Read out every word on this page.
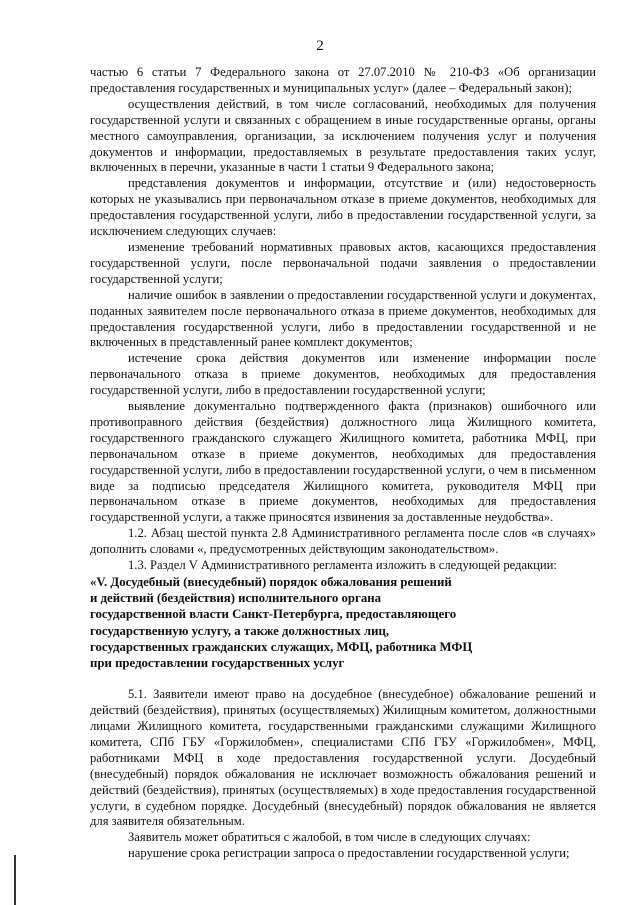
2

частью 6 статьи 7 Федерального закона от 27.07.2010 № 210-ФЗ «Об организации предоставления государственных и муниципальных услуг» (далее – Федеральный закон);

осуществления действий, в том числе согласований, необходимых для получения государственной услуги и связанных с обращением в иные государственные органы, органы местного самоуправления, организации, за исключением получения услуг и получения документов и информации, предоставляемых в результате предоставления таких услуг, включенных в перечни, указанные в части 1 статьи 9 Федерального закона;

представления документов и информации, отсутствие и (или) недостоверность которых не указывались при первоначальном отказе в приеме документов, необходимых для предоставления государственной услуги, либо в предоставлении государственной услуги, за исключением следующих случаев:

изменение требований нормативных правовых актов, касающихся предоставления государственной услуги, после первоначальной подачи заявления о предоставлении государственной услуги;

наличие ошибок в заявлении о предоставлении государственной услуги и документах, поданных заявителем после первоначального отказа в приеме документов, необходимых для предоставления государственной услуги, либо в предоставлении государственной и не включенных в представленный ранее комплект документов;

истечение срока действия документов или изменение информации после первоначального отказа в приеме документов, необходимых для предоставления государственной услуги, либо в предоставлении государственной услуги;

выявление документально подтвержденного факта (признаков) ошибочного или противоправного действия (бездействия) должностного лица Жилищного комитета, государственного гражданского служащего Жилищного комитета, работника МФЦ, при первоначальном отказе в приеме документов, необходимых для предоставления государственной услуги, либо в предоставлении государственной услуги, о чем в письменном виде за подписью председателя Жилищного комитета, руководителя МФЦ при первоначальном отказе в приеме документов, необходимых для предоставления государственной услуги, а также приносятся извинения за доставленные неудобства».

1.2. Абзац шестой пункта 2.8 Административного регламента после слов «в случаях» дополнить словами «, предусмотренных действующим законодательством».

1.3. Раздел V Административного регламента изложить в следующей редакции:

«V. Досудебный (внесудебный) порядок обжалования решений

и действий (бездействия) исполнительного органа

государственной власти Санкт-Петербурга, предоставляющего

государственную услугу, а также должностных лиц,

государственных гражданских служащих, МФЦ, работника МФЦ

при предоставлении государственных услуг

5.1. Заявители имеют право на досудебное (внесудебное) обжалование решений и действий (бездействия), принятых (осуществляемых) Жилищным комитетом, должностными лицами Жилищного комитета, государственными гражданскими служащими Жилищного комитета, СПб ГБУ «Горжилобмен», специалистами СПб ГБУ «Горжилобмен», МФЦ, работниками МФЦ в ходе предоставления государственной услуги. Досудебный (внесудебный) порядок обжалования не исключает возможность обжалования решений и действий (бездействия), принятых (осуществляемых) в ходе предоставления государственной услуги, в судебном порядке. Досудебный (внесудебный) порядок обжалования не является для заявителя обязательным.

Заявитель может обратиться с жалобой, в том числе в следующих случаях:

нарушение срока регистрации запроса о предоставлении государственной услуги;
